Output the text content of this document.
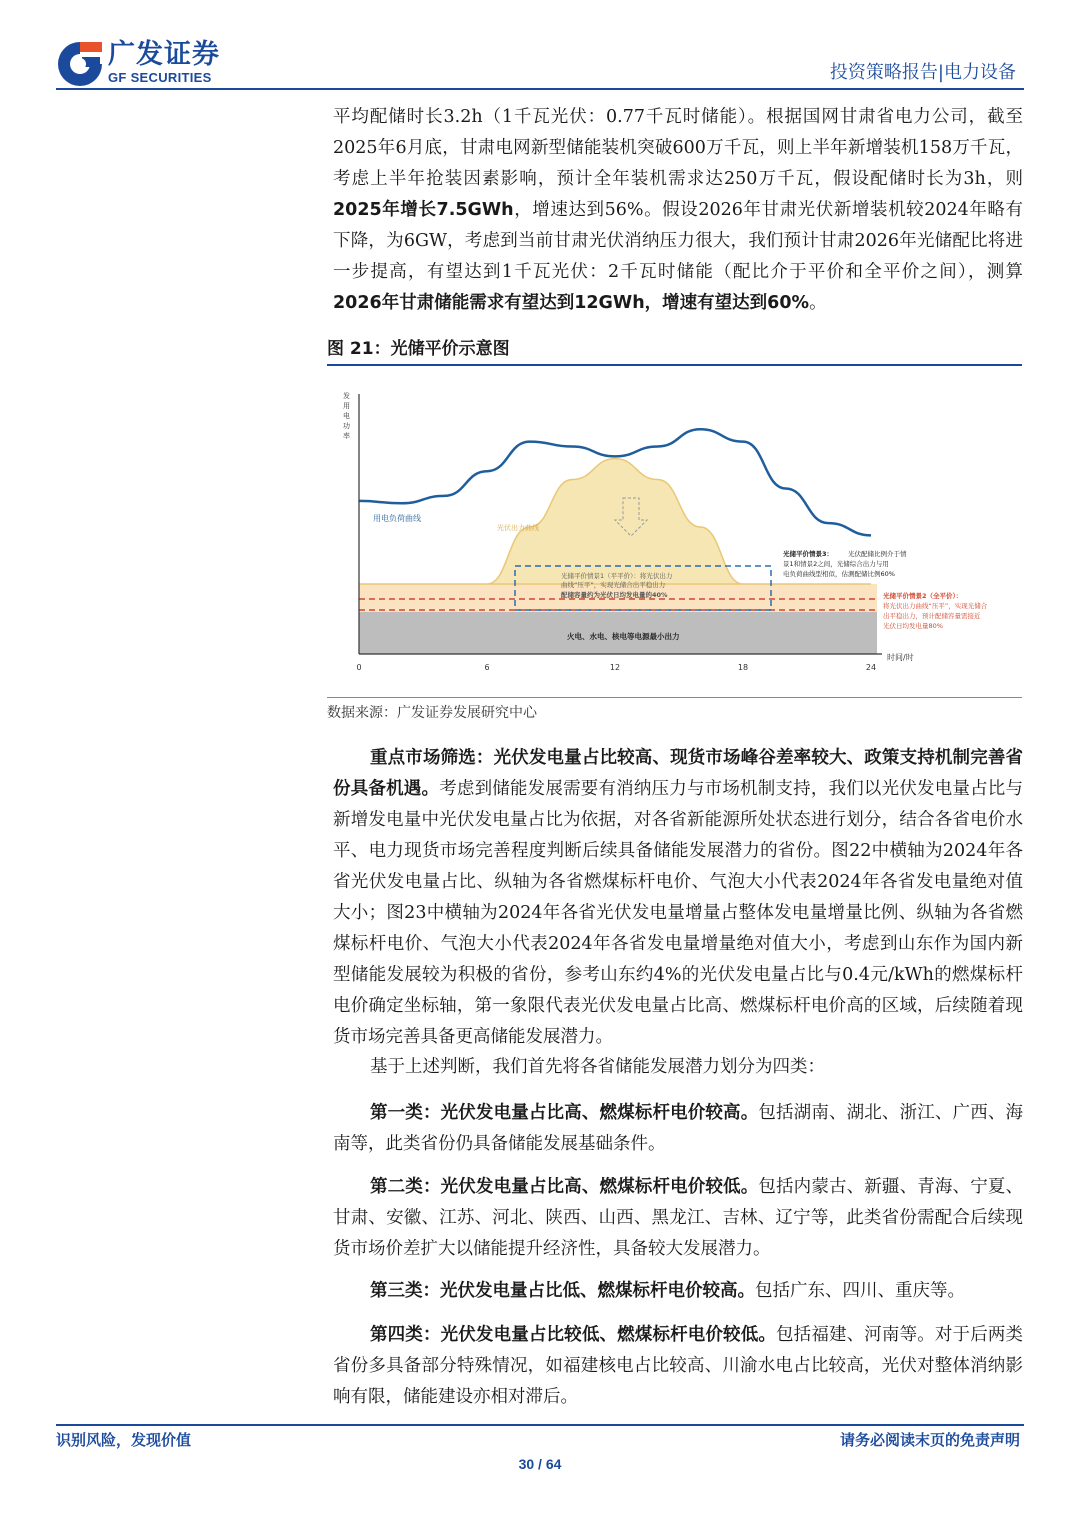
广发证券
GF SECURITIES	投资策略报告|电力设备
平均配储时长3.2h（1千瓦光伏：0.77千瓦时储能）。根据国网甘肃省电力公司，截至2025年6月底，甘肃电网新型储能装机突破600万千瓦，则上半年新增装机158万千瓦，考虑上半年抢装因素影响，预计全年装机需求达250万千瓦，假设配储时长为3h，则2025年增长7.5GWh，增速达到56%。假设2026年甘肃光伏新增装机较2024年略有下降，为6GW，考虑到当前甘肃光伏消纳压力很大，我们预计甘肃2026年光储配比将进一步提高，有望达到1千瓦光伏：2千瓦时储能（配比介于平价和全平价之间），测算2026年甘肃储能需求有望达到12GWh，增速有望达到60%。
图 21：光储平价示意图
0	6	12	18	24
发
用
电
功
率
时间/时
用电负荷曲线
光伏出力曲线
火电、水电、核电等电源最小出力
光储平价情景1（平平价）：将光伏出力
曲线“压平”，实现光储合出平稳出力
配储容量约为光伏日均发电量的40%
光储平价情景3： 光伏配储比例介于情
景1和情景2之间，光储综合出力与用
电负荷曲线型相似，估测配储比例60%
光储平价情景2（全平价）：
将光伏出力曲线“压平”，实现光储合
出平稳出力，预计配储容量需接近
光伏日均发电量80%
数据来源：广发证券发展研究中心
重点市场筛选：光伏发电量占比较高、现货市场峰谷差率较大、政策支持机制完善省份具备机遇。考虑到储能发展需要有消纳压力与市场机制支持，我们以光伏发电量占比与新增发电量中光伏发电量占比为依据，对各省新能源所处状态进行划分，结合各省电价水平、电力现货市场完善程度判断后续具备储能发展潜力的省份。图22中横轴为2024年各省光伏发电量占比、纵轴为各省燃煤标杆电价、气泡大小代表2024年各省发电量绝对值大小；图23中横轴为2024年各省光伏发电量增量占整体发电量增量比例、纵轴为各省燃煤标杆电价、气泡大小代表2024年各省发电量增量绝对值大小，考虑到山东作为国内新型储能发展较为积极的省份，参考山东约4%的光伏发电量占比与0.4元/kWh的燃煤标杆电价确定坐标轴，第一象限代表光伏发电量占比高、燃煤标杆电价高的区域，后续随着现货市场完善具备更高储能发展潜力。
基于上述判断，我们首先将各省储能发展潜力划分为四类：
第一类：光伏发电量占比高、燃煤标杆电价较高。包括湖南、湖北、浙江、广西、海南等，此类省份仍具备储能发展基础条件。
第二类：光伏发电量占比高、燃煤标杆电价较低。包括内蒙古、新疆、青海、宁夏、甘肃、安徽、江苏、河北、陕西、山西、黑龙江、吉林、辽宁等，此类省份需配合后续现货市场价差扩大以储能提升经济性，具备较大发展潜力。
第三类：光伏发电量占比低、燃煤标杆电价较高。包括广东、四川、重庆等。
第四类：光伏发电量占比较低、燃煤标杆电价较低。包括福建、河南等。对于后两类省份多具备部分特殊情况，如福建核电占比较高、川渝水电占比较高，光伏对整体消纳影响有限，储能建设亦相对滞后。
识别风险，发现价值	请务必阅读末页的免责声明
30 / 64
